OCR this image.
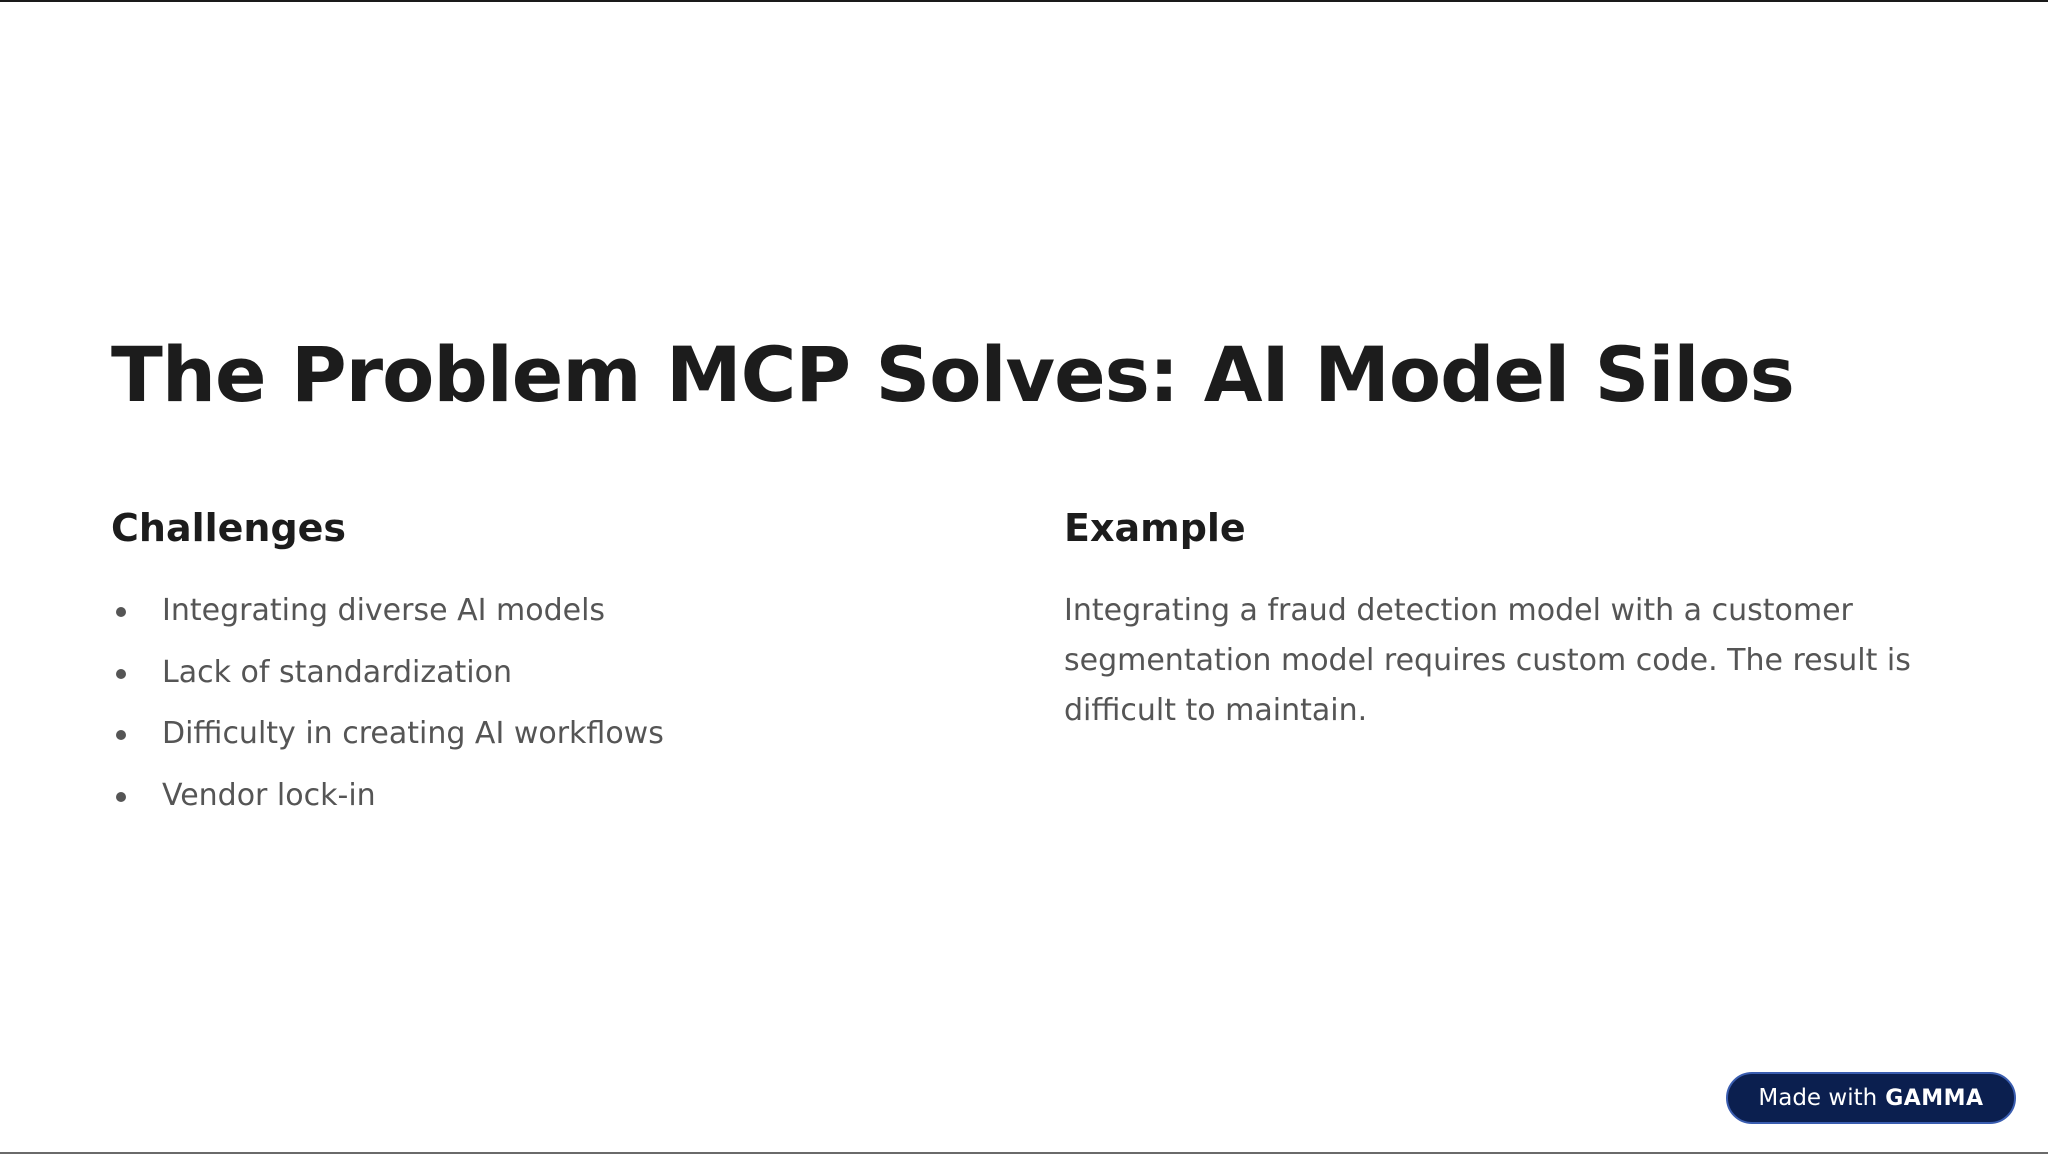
The Problem MCP Solves: AI Model Silos
Challenges
Integrating diverse AI models
Lack of standardization
Difficulty in creating AI workflows
Vendor lock-in
Example

Integrating a fraud detection model with a customer segmentation model requires custom code. The result is difficult to maintain.

Made with GAMMA
